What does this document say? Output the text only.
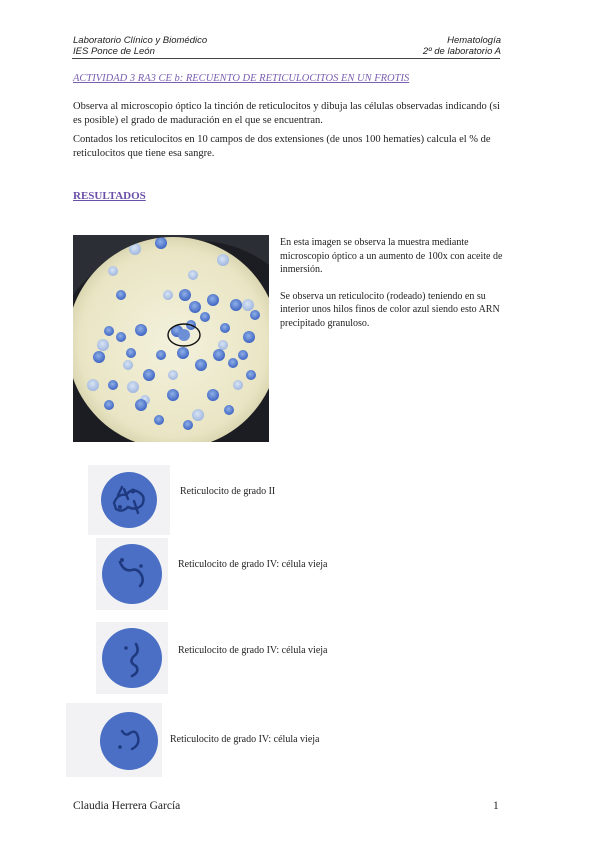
Laboratorio Clínico y Biomédico
IES Ponce de León
Hematología
2º de laboratorio A
ACTIVIDAD 3 RA3 CE b: RECUENTO DE RETICULOCITOS EN UN FROTIS
Observa al microscopio óptico la tinción de reticulocitos y dibuja las células observadas indicando (si es posible) el grado de maduración en el que se encuentran.
Contados los reticulocitos en 10 campos de dos extensiones (de unos 100 hematíes) calcula el % de reticulocitos que tiene esa sangre.
RESULTADOS

En esta imagen se observa la muestra mediante microscopio óptico a un aumento de 100x con aceite de inmersión.

Se observa un reticulocito (rodeado) teniendo en su interior unos hilos finos de color azul siendo esto ARN precipitado granuloso.

Reticulocito de grado II
Reticulocito de grado IV: célula vieja
Reticulocito de grado IV: célula vieja
Reticulocito de grado IV: célula vieja
Claudia Herrera García	1
